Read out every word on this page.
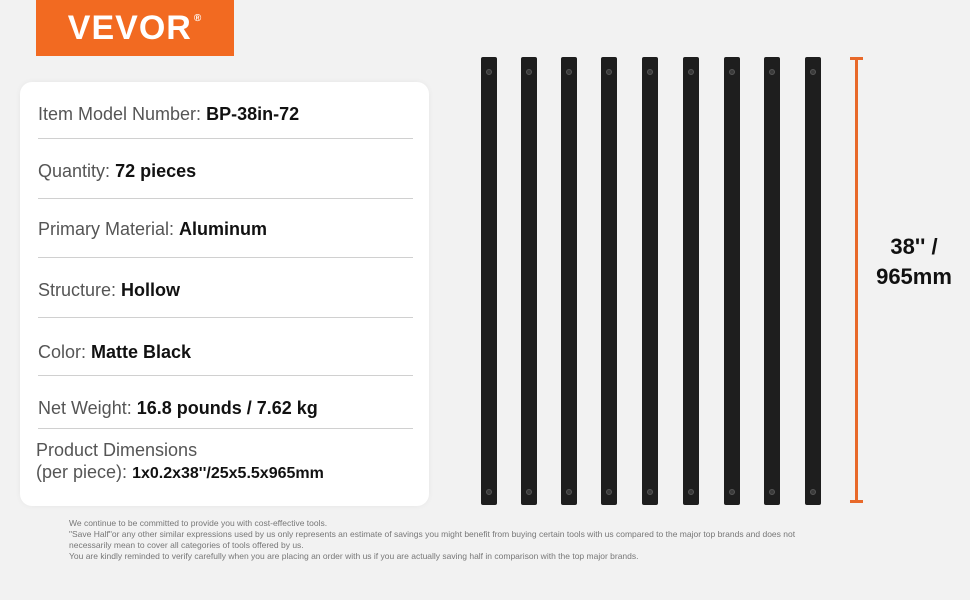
VEVOR®
Item Model Number: BP-38in-72
Quantity: 72 pieces
Primary Material: Aluminum
Structure: Hollow
Color: Matte Black
Net Weight: 16.8 pounds / 7.62 kg
Product Dimensions
(per piece): 1x0.2x38''/25x5.5x965mm
38'' /
965mm
We continue to be committed to provide you with cost-effective tools.
"Save Half"or any other similar expressions used by us only represents an estimate of savings you might benefit from buying certain tools with us compared to the major top brands and does not
necessarily mean to cover all categories of tools offered by us.
You are kindly reminded to verify carefully when you are placing an order with us if you are actually saving half in comparison with the top major brands.
